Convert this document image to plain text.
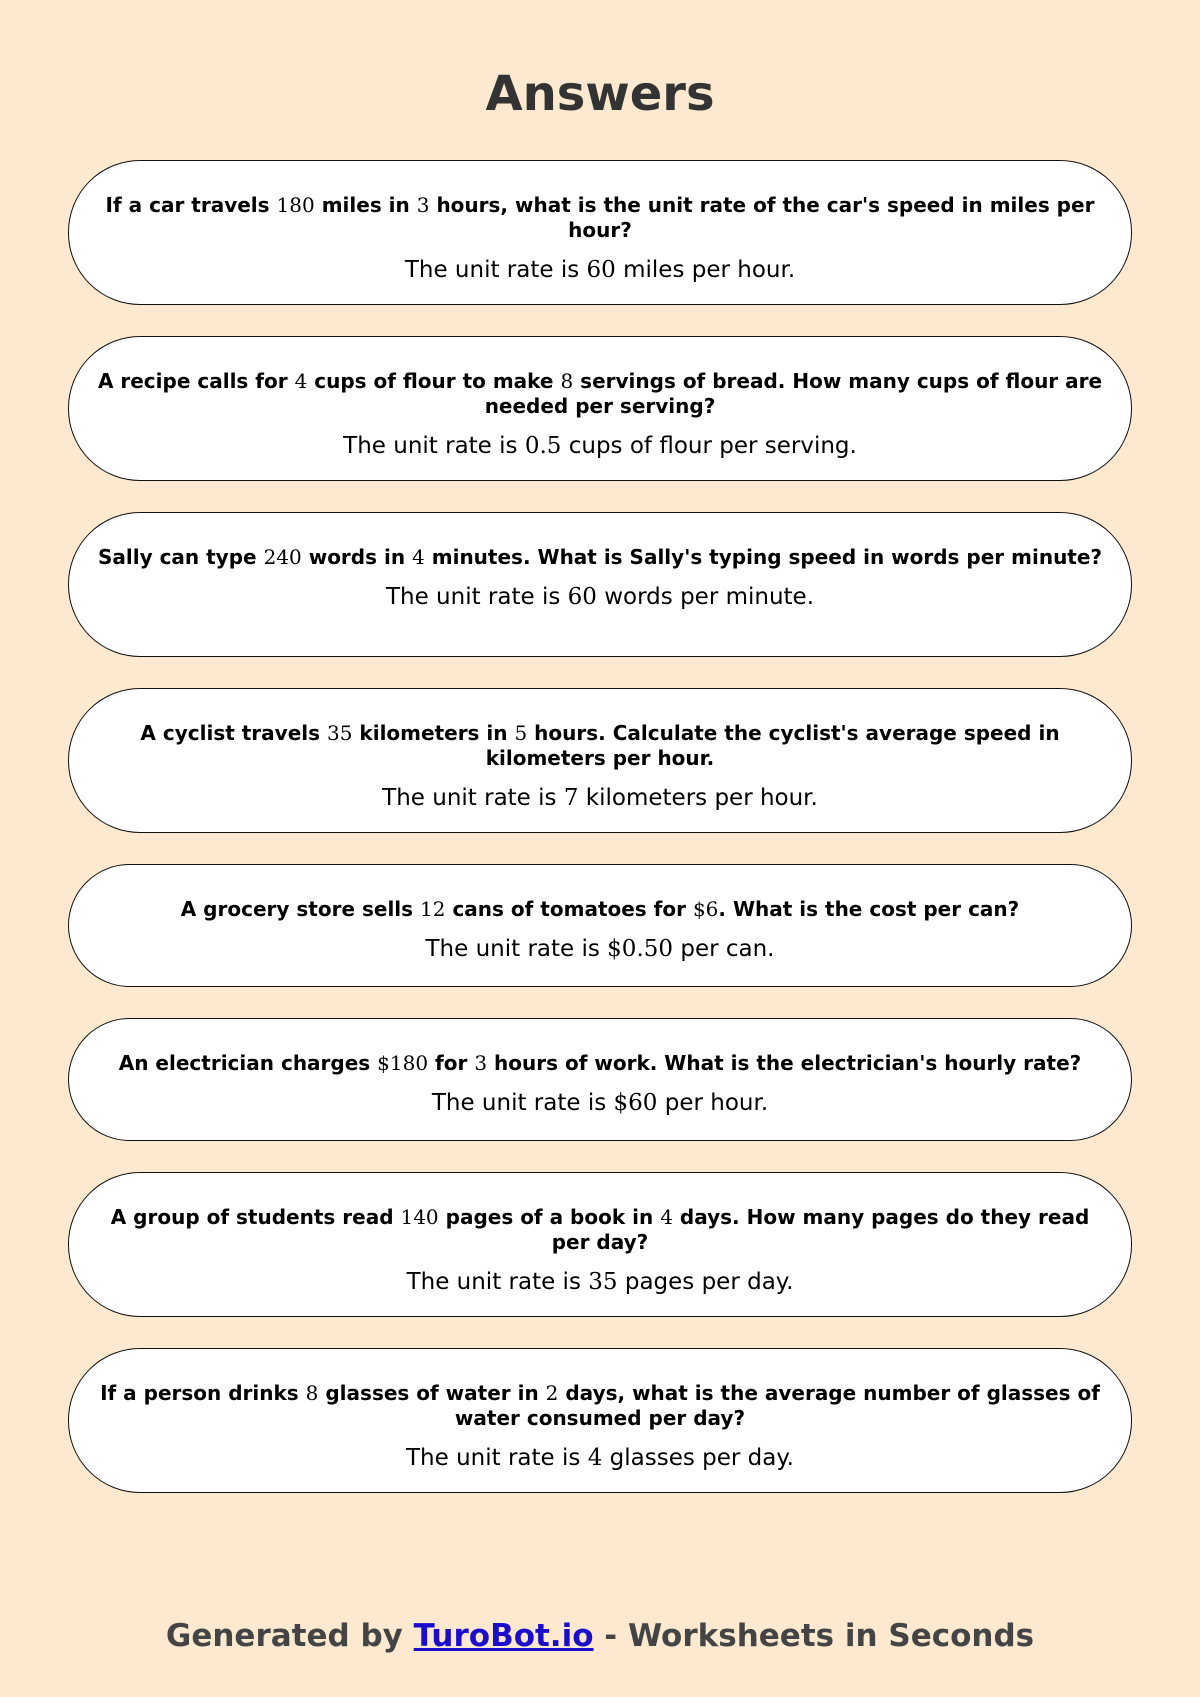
Answers
If a car travels 180 miles in 3 hours, what is the unit rate of the car's speed in miles per hour?
The unit rate is 60 miles per hour.
A recipe calls for 4 cups of flour to make 8 servings of bread. How many cups of flour are needed per serving?
The unit rate is 0.5 cups of flour per serving.
Sally can type 240 words in 4 minutes. What is Sally's typing speed in words per minute?
The unit rate is 60 words per minute.
A cyclist travels 35 kilometers in 5 hours. Calculate the cyclist's average speed in kilometers per hour.
The unit rate is 7 kilometers per hour.
A grocery store sells 12 cans of tomatoes for $6. What is the cost per can?
The unit rate is $0.50 per can.
An electrician charges $180 for 3 hours of work. What is the electrician's hourly rate?
The unit rate is $60 per hour.
A group of students read 140 pages of a book in 4 days. How many pages do they read per day?
The unit rate is 35 pages per day.
If a person drinks 8 glasses of water in 2 days, what is the average number of glasses of water consumed per day?
The unit rate is 4 glasses per day.
Generated by TuroBot.io - Worksheets in Seconds
